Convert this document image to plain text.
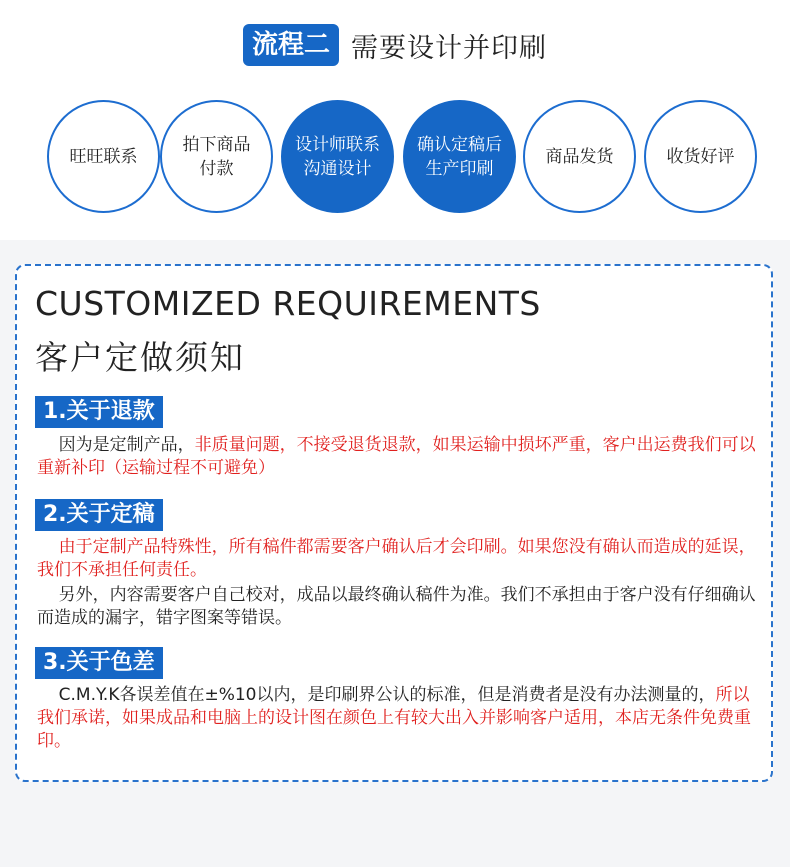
流程二 需要设计并印刷
旺旺联系
拍下商品
付款
设计师联系
沟通设计
确认定稿后
生产印刷
商品发货	收货好评
CUSTOMIZED REQUIREMENTS
客户定做须知
1.关于退款
因为是定制产品，非质量问题，不接受退货退款，如果运输中损坏严重，客户出运费我们可以重新补印（运输过程不可避免）
2.关于定稿
由于定制产品特殊性，所有稿件都需要客户确认后才会印刷。如果您没有确认而造成的延误，我们不承担任何责任。
另外，内容需要客户自己校对，成品以最终确认稿件为准。我们不承担由于客户没有仔细确认而造成的漏字，错字图案等错误。
3.关于色差
C.M.Y.K各误差值在±%10以内，是印刷界公认的标准，但是消费者是没有办法测量的，所以我们承诺，如果成品和电脑上的设计图在颜色上有较大出入并影响客户适用，本店无条件免费重印。
